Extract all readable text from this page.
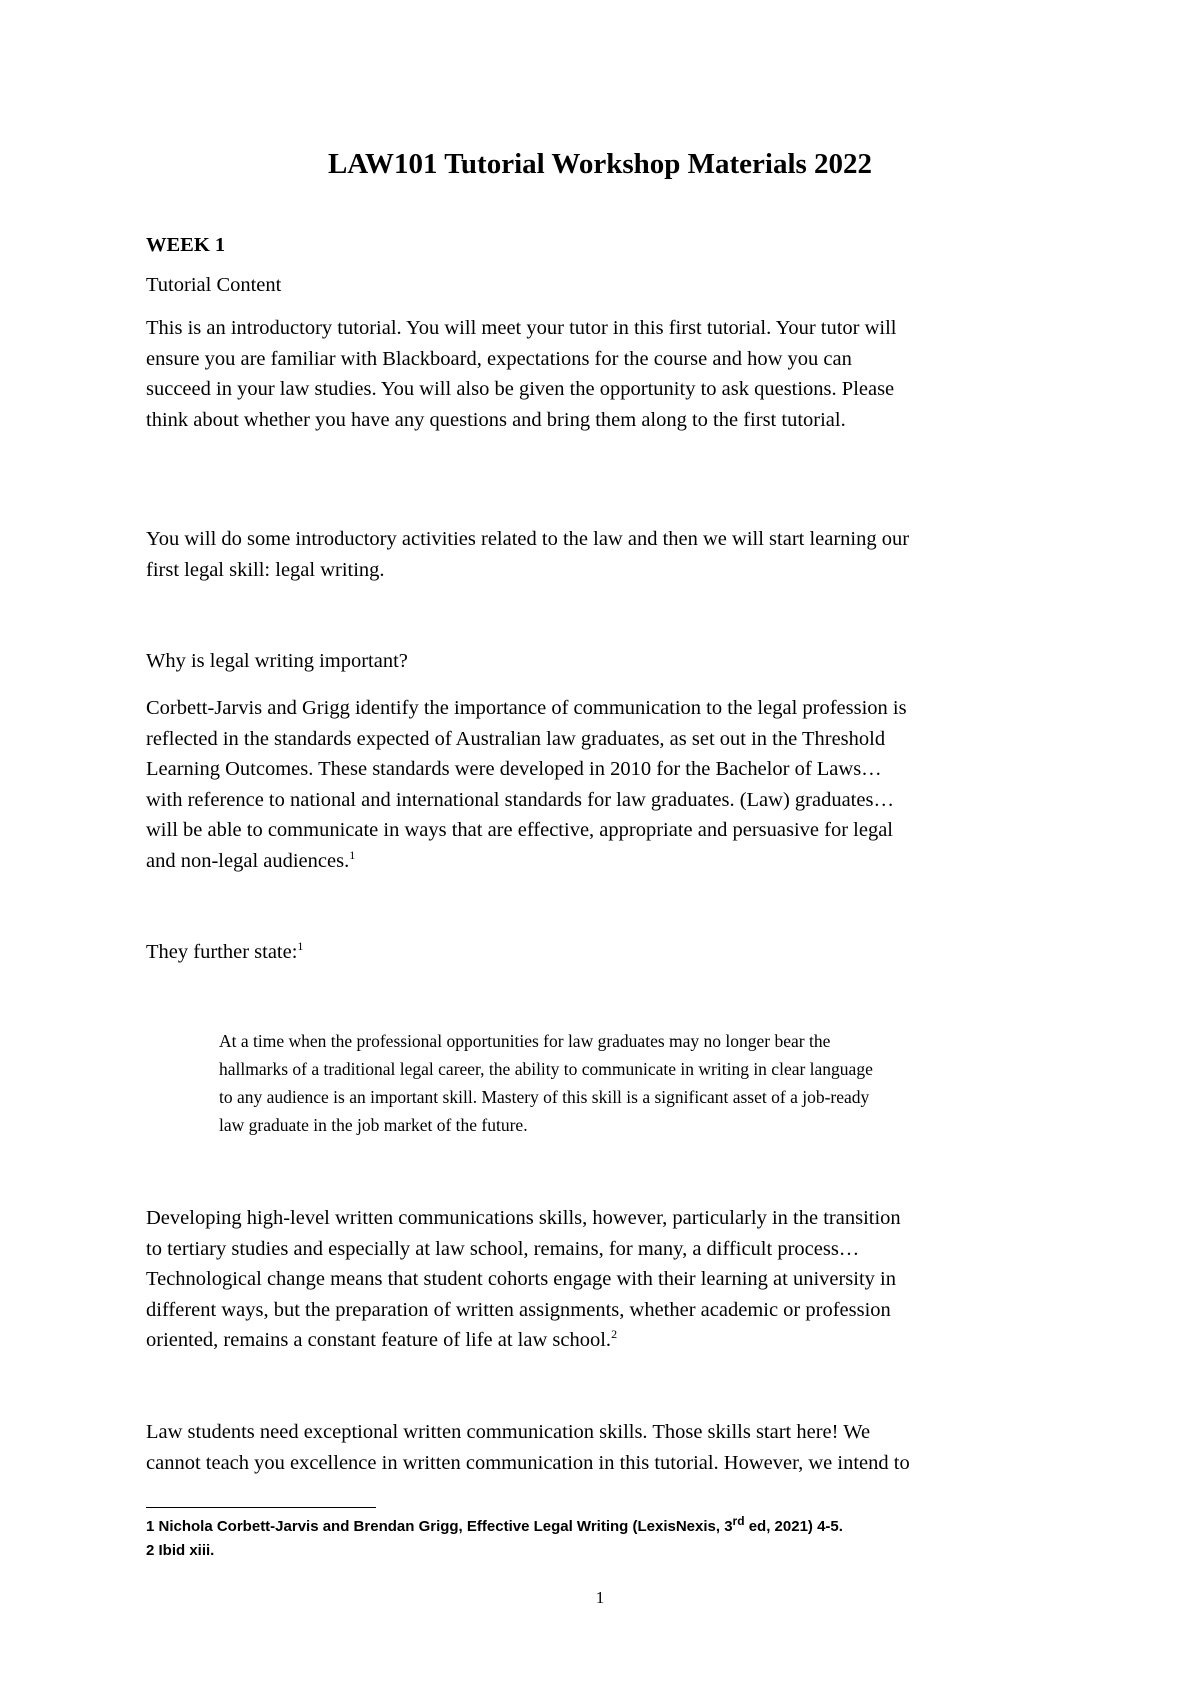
LAW101 Tutorial Workshop Materials 2022
WEEK 1
Tutorial Content
This is an introductory tutorial. You will meet your tutor in this first tutorial. Your tutor will
ensure you are familiar with Blackboard, expectations for the course and how you can
succeed in your law studies. You will also be given the opportunity to ask questions. Please
think about whether you have any questions and bring them along to the first tutorial.
You will do some introductory activities related to the law and then we will start learning our
first legal skill: legal writing.
Why is legal writing important?
Corbett-Jarvis and Grigg identify the importance of communication to the legal profession is
reflected in the standards expected of Australian law graduates, as set out in the Threshold
Learning Outcomes. These standards were developed in 2010 for the Bachelor of Laws…
with reference to national and international standards for law graduates. (Law) graduates…
will be able to communicate in ways that are effective, appropriate and persuasive for legal
and non-legal audiences.$^1$
They further state:$^1$
At a time when the professional opportunities for law graduates may no longer bear the
hallmarks of a traditional legal career, the ability to communicate in writing in clear language
to any audience is an important skill. Mastery of this skill is a significant asset of a job-ready
law graduate in the job market of the future.
Developing high-level written communications skills, however, particularly in the transition
to tertiary studies and especially at law school, remains, for many, a difficult process…
Technological change means that student cohorts engage with their learning at university in
different ways, but the preparation of written assignments, whether academic or profession
oriented, remains a constant feature of life at law school.$^2$
Law students need exceptional written communication skills. Those skills start here! We
cannot teach you excellence in written communication in this tutorial. However, we intend to
1 Nichola Corbett-Jarvis and Brendan Grigg, Effective Legal Writing (LexisNexis, 3rd ed, 2021) 4-5.
2 Ibid xiii.
1
